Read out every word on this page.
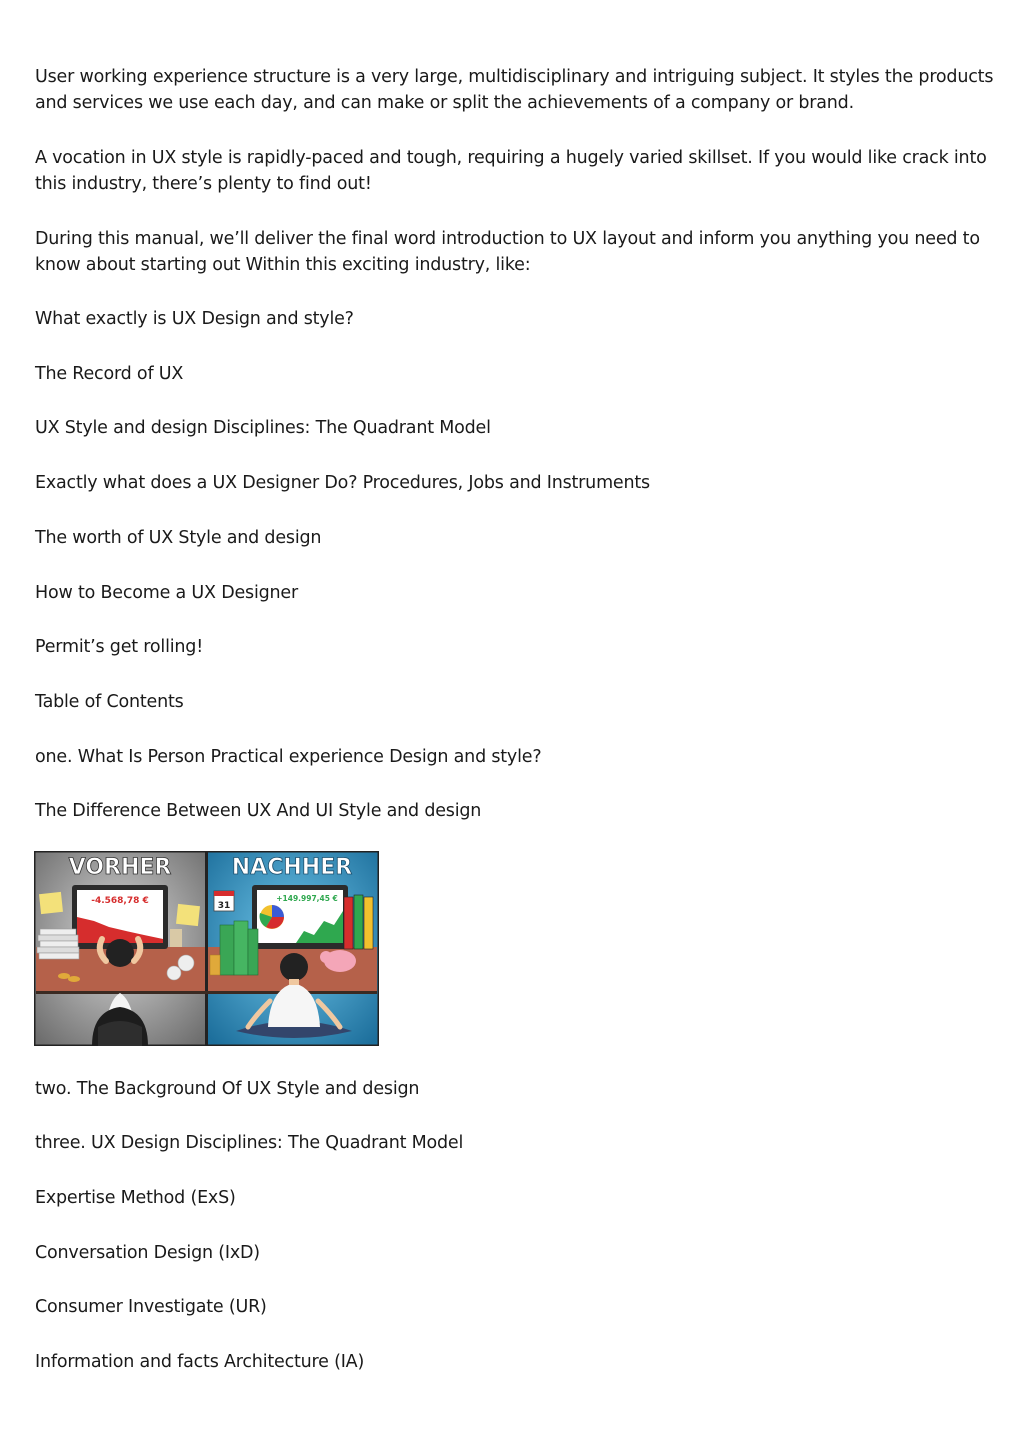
User working experience structure is a very large, multidisciplinary and intriguing subject. It styles the products
and services we use each day, and can make or split the achievements of a company or brand.

A vocation in UX style is rapidly-paced and tough, requiring a hugely varied skillset. If you would like crack into
this industry, there’s plenty to find out!

During this manual, we’ll deliver the final word introduction to UX layout and inform you anything you need to
know about starting out Within this exciting industry, like:

What exactly is UX Design and style?

The Record of UX

UX Style and design Disciplines: The Quadrant Model

Exactly what does a UX Designer Do? Procedures, Jobs and Instruments

The worth of UX Style and design

How to Become a UX Designer

Permit’s get rolling!

Table of Contents

one. What Is Person Practical experience Design and style?

The Difference Between UX And UI Style and design

-4.568,78 €	+149.997,45 €
31
VORHER	NACHHER

two. The Background Of UX Style and design

three. UX Design Disciplines: The Quadrant Model

Expertise Method (ExS)

Conversation Design (IxD)

Consumer Investigate (UR)

Information and facts Architecture (IA)
